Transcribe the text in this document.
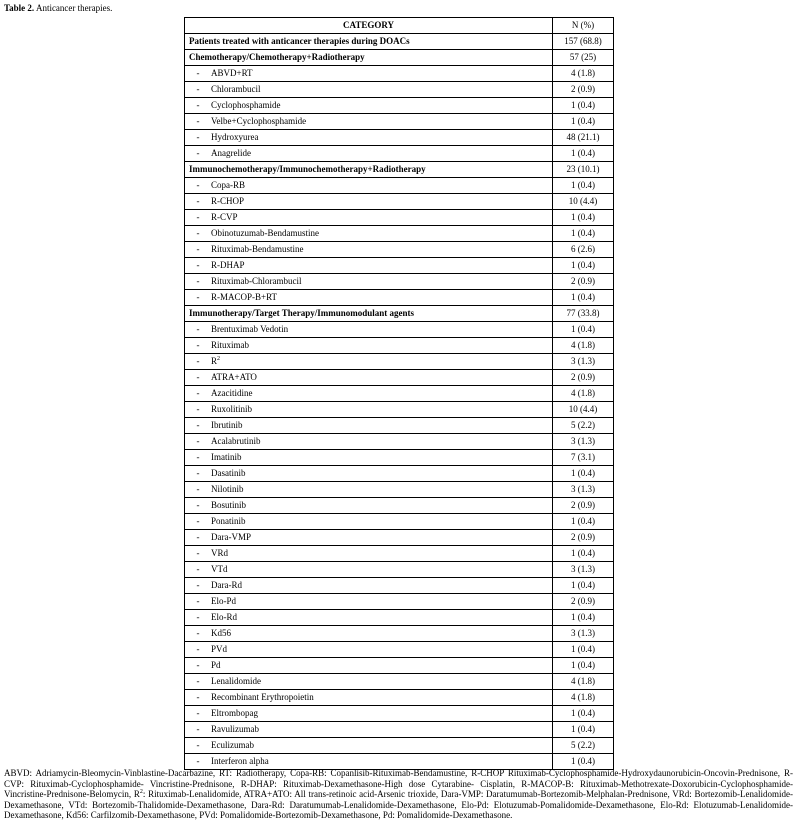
Table 2. Anticancer therapies.
CATEGORY	N (%)
Patients treated with anticancer therapies during DOACs	157 (68.8)
Chemotherapy/Chemotherapy+Radiotherapy	57 (25)
- ABVD+RT	4 (1.8)
- Chlorambucil	2 (0.9)
- Cyclophosphamide	1 (0.4)
- Velbe+Cyclophosphamide	1 (0.4)
- Hydroxyurea	48 (21.1)
- Anagrelide	1 (0.4)
Immunochemotherapy/Immunochemotherapy+Radiotherapy	23 (10.1)
- Copa-RB	1 (0.4)
- R-CHOP	10 (4.4)
- R-CVP	1 (0.4)
- Obinotuzumab-Bendamustine	1 (0.4)
- Rituximab-Bendamustine	6 (2.6)
- R-DHAP	1 (0.4)
- Rituximab-Chlorambucil	2 (0.9)
- R-MACOP-B+RT	1 (0.4)
Immunotherapy/Target Therapy/Immunomodulant agents	77 (33.8)
- Brentuximab Vedotin	1 (0.4)
- Rituximab	4 (1.8)
- $R^2$	3 (1.3)
- ATRA+ATO	2 (0.9)
- Azacitidine	4 (1.8)
- Ruxolitinib	10 (4.4)
- Ibrutinib	5 (2.2)
- Acalabrutinib	3 (1.3)
- Imatinib	7 (3.1)
- Dasatinib	1 (0.4)
- Nilotinib	3 (1.3)
- Bosutinib	2 (0.9)
- Ponatinib	1 (0.4)
- Dara-VMP	2 (0.9)
- VRd	1 (0.4)
- VTd	3 (1.3)
- Dara-Rd	1 (0.4)
- Elo-Pd	2 (0.9)
- Elo-Rd	1 (0.4)
- Kd56	3 (1.3)
- PVd	1 (0.4)
- Pd	1 (0.4)
- Lenalidomide	4 (1.8)
- Recombinant Erythropoietin	4 (1.8)
- Eltrombopag	1 (0.4)
- Ravulizumab	1 (0.4)
- Eculizumab	5 (2.2)
- Interferon alpha	1 (0.4)
ABVD: Adriamycin-Bleomycin-Vinblastine-Dacarbazine, RT: Radiotherapy, Copa-RB: Copanlisib-Rituximab-Bendamustine, R-CHOP Rituximab-Cyclophosphamide-Hydroxydaunorubicin-Oncovin-Prednisone, R-CVP: Rituximab-Cyclophosphamide- Vincristine-Prednisone, R-DHAP: Rituximab-Dexamethasone-High dose Cytarabine- Cisplatin, R-MACOP-B: Rituximab-Methotrexate-Doxorubicin-Cyclophosphamide- Vincristine-Prednisone-Belomycin, $R^2$: Rituximab-Lenalidomide, ATRA+ATO: All trans-retinoic acid-Arsenic trioxide, Dara-VMP: Daratumumab-Bortezomib-Melphalan-Prednisone, VRd: Bortezomib-Lenalidomide-Dexamethasone, VTd: Bortezomib-Thalidomide-Dexamethasone, Dara-Rd: Daratumumab-Lenalidomide-Dexamethasone, Elo-Pd: Elotuzumab-Pomalidomide-Dexamethasone, Elo-Rd: Elotuzumab-Lenalidomide-Dexamethasone, Kd56: Carfilzomib-Dexamethasone, PVd: Pomalidomide-Bortezomib-Dexamethasone, Pd: Pomalidomide-Dexamethasone.
